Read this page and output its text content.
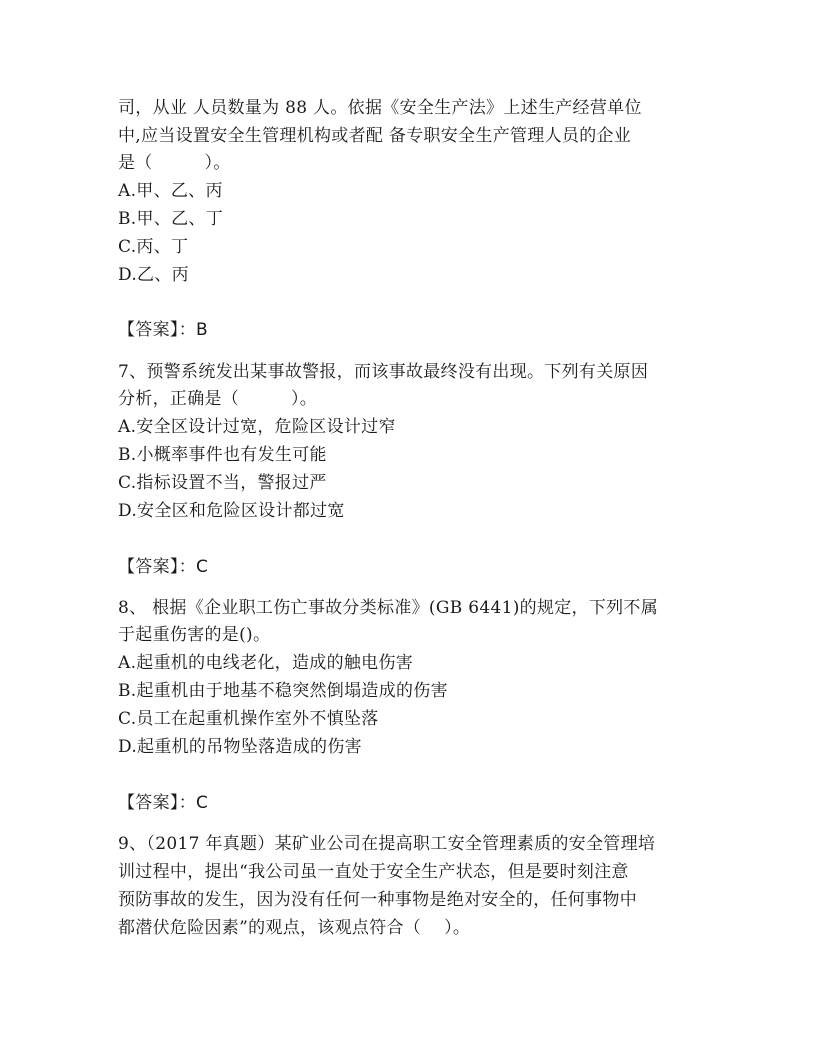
司，从业 人员数量为 88 人。依据《安全生产法》上述生产经营单位
中,应当设置安全生管理机构或者配 备专职安全生产管理人员的企业
是（　　　）。
A.甲、乙、丙
B.甲、乙、丁
C.丙、丁
D.乙、丙
【答案】：B
7、预警系统发出某事故警报，而该事故最终没有出现。下列有关原因
分析，正确是（　　　）。
A.安全区设计过宽，危险区设计过窄
B.小概率事件也有发生可能
C.指标设置不当，警报过严
D.安全区和危险区设计都过宽
【答案】：C
8、 根据《企业职工伤亡事故分类标准》(GB 6441)的规定，下列不属
于起重伤害的是()。
A.起重机的电线老化，造成的触电伤害
B.起重机由于地基不稳突然倒塌造成的伤害
C.员工在起重机操作室外不慎坠落
D.起重机的吊物坠落造成的伤害
【答案】：C
9、（2017 年真题）某矿业公司在提高职工安全管理素质的安全管理培
训过程中，提出“我公司虽一直处于安全生产状态，但是要时刻注意
预防事故的发生，因为没有任何一种事物是绝对安全的，任何事物中
都潜伏危险因素”的观点，该观点符合（　 ）。
